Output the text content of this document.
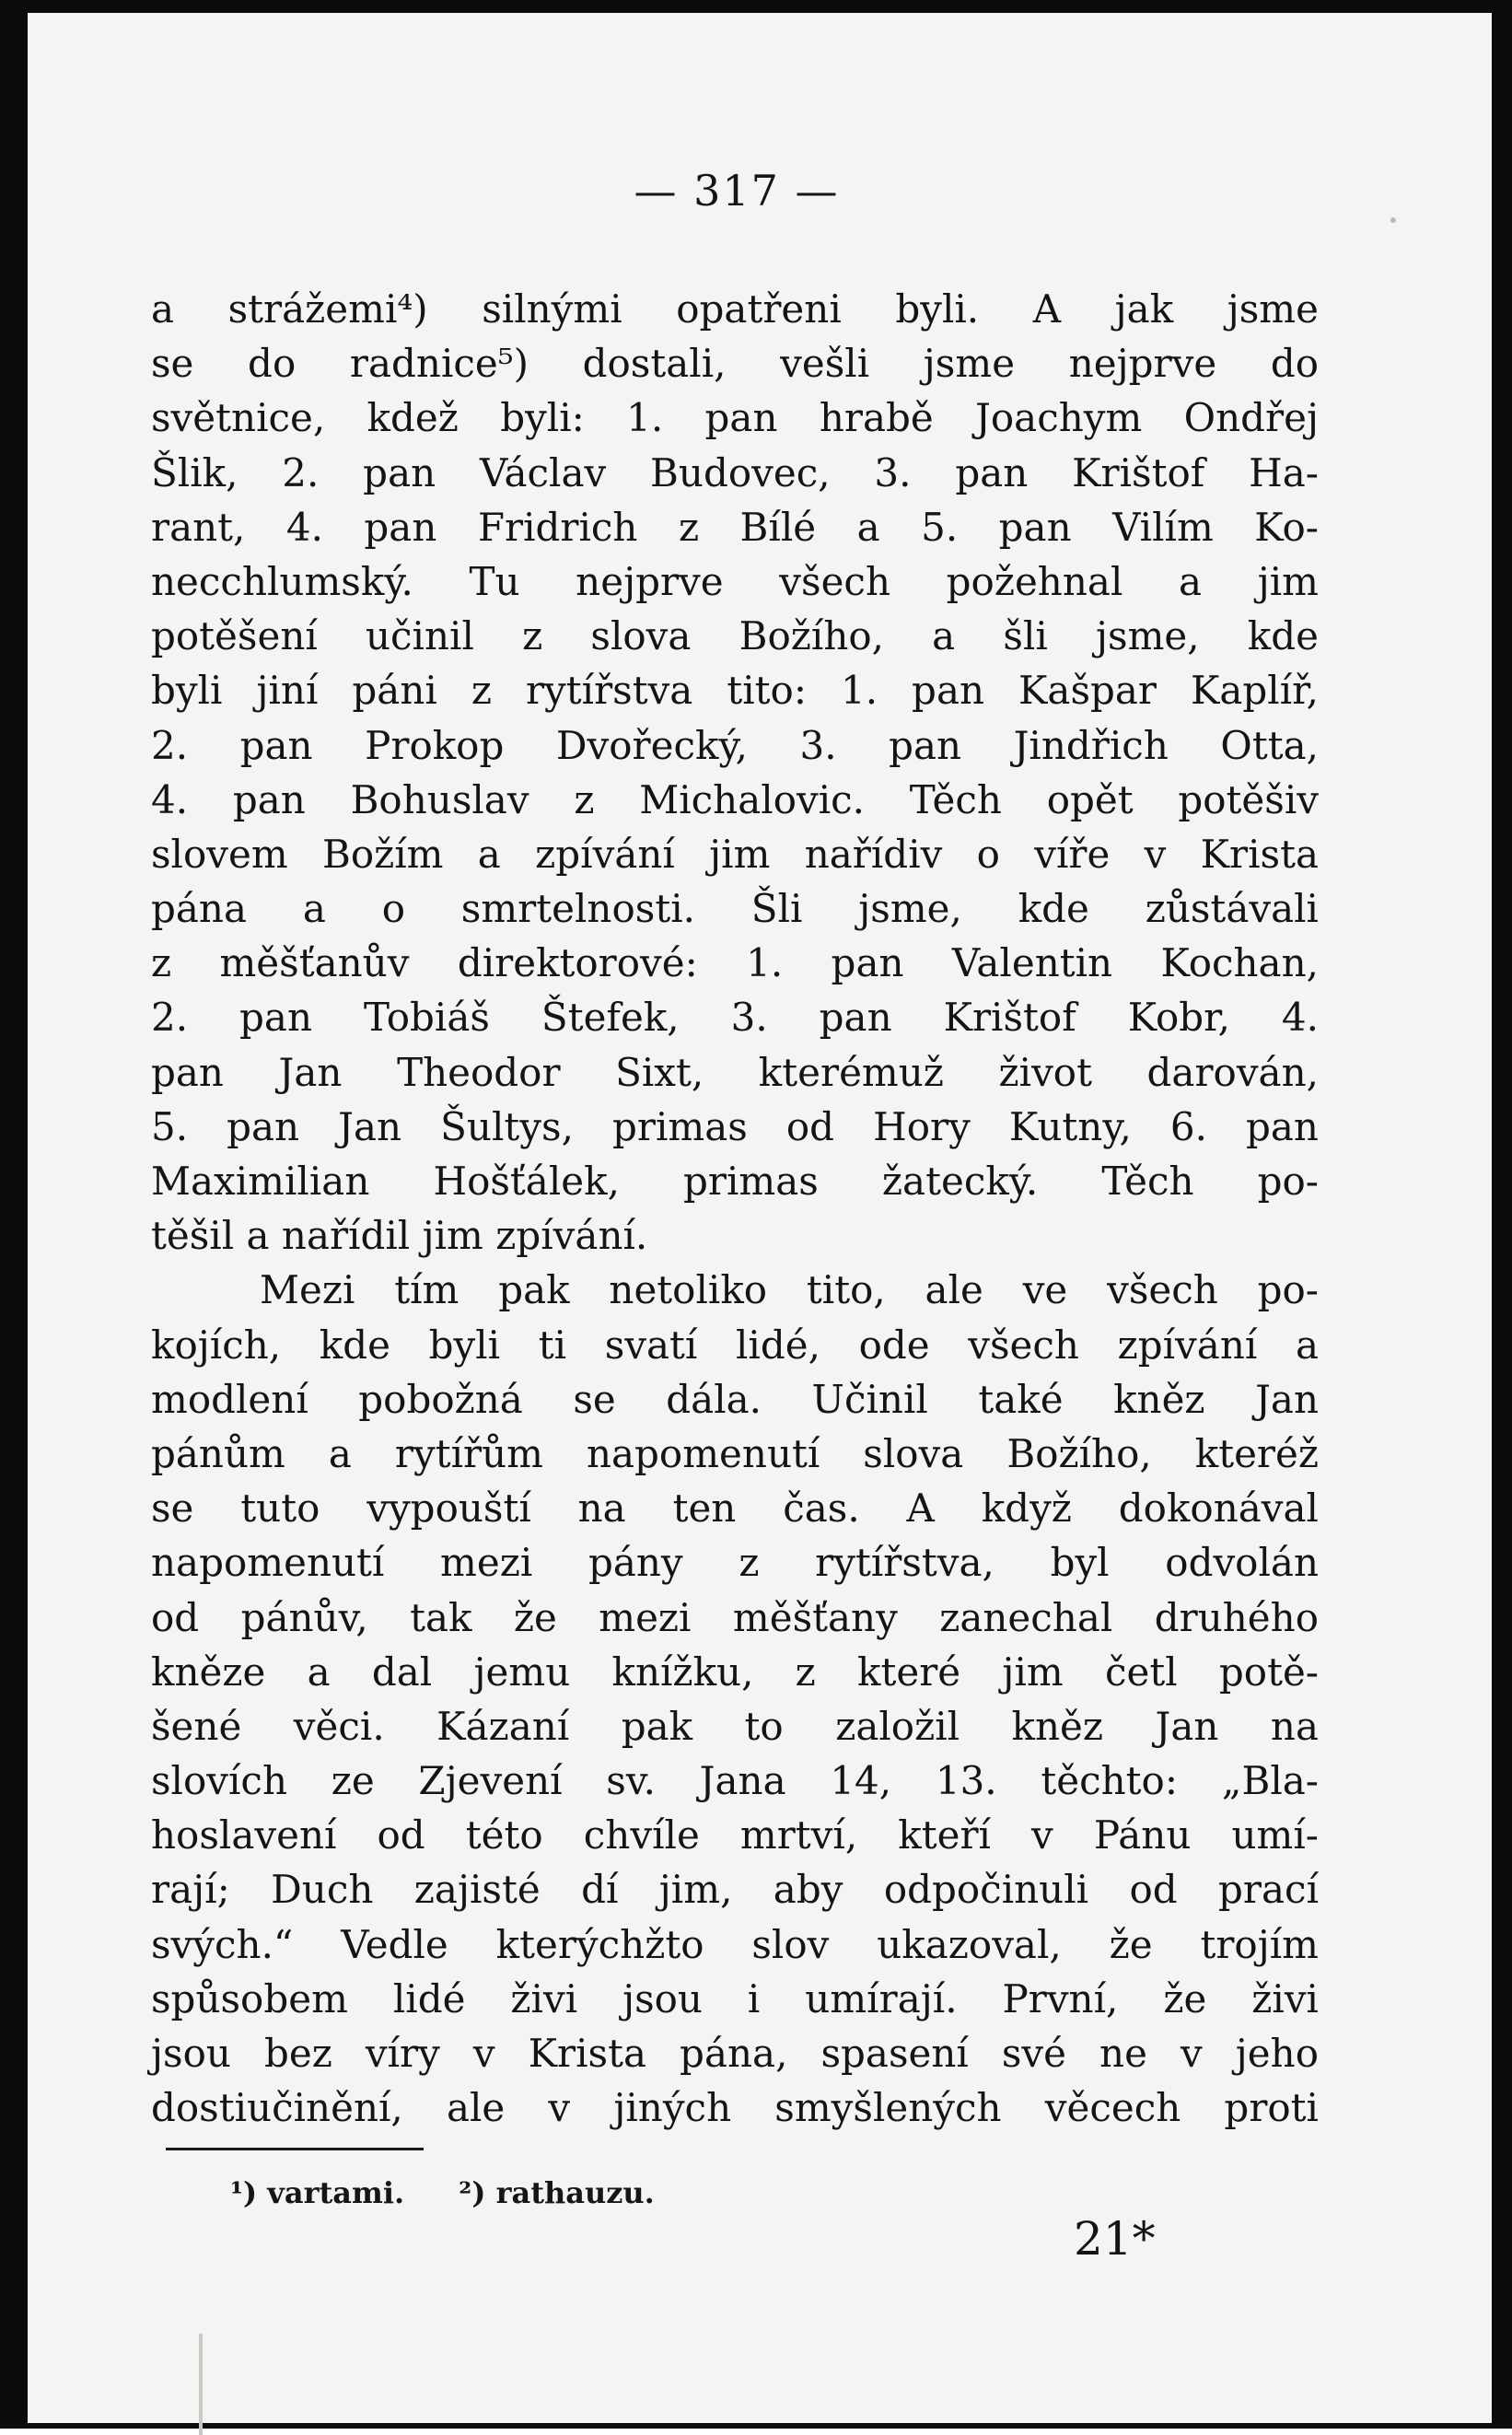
— 317 —
a strážemi⁴) silnými opatřeni byli. A jak jsme
se do radnice⁵) dostali, vešli jsme nejprve do
světnice, kdež byli: 1. pan hrabě Joachym Ondřej
Šlik, 2. pan Václav Budovec, 3. pan Krištof Ha-
rant, 4. pan Fridrich z Bílé a 5. pan Vilím Ko-
necchlumský. Tu nejprve všech požehnal a jim
potěšení učinil z slova Božího, a šli jsme, kde
byli jiní páni z rytířstva tito: 1. pan Kašpar Kaplíř,
2. pan Prokop Dvořecký, 3. pan Jindřich Otta,
4. pan Bohuslav z Michalovic. Těch opět potěšiv
slovem Božím a zpívání jim nařídiv o víře v Krista
pána a o smrtelnosti. Šli jsme, kde zůstávali
z měšťanův direktorové: 1. pan Valentin Kochan,
2. pan Tobiáš Štefek, 3. pan Krištof Kobr, 4.
pan Jan Theodor Sixt, kterémuž život darován,
5. pan Jan Šultys, primas od Hory Kutny, 6. pan
Maximilian Hošťálek, primas žatecký. Těch po-
těšil a nařídil jim zpívání.
Mezi tím pak netoliko tito, ale ve všech po-
kojích, kde byli ti svatí lidé, ode všech zpívání a
modlení pobožná se dála. Učinil také kněz Jan
pánům a rytířům napomenutí slova Božího, kteréž
se tuto vypouští na ten čas. A když dokonával
napomenutí mezi pány z rytířstva, byl odvolán
od pánův, tak že mezi měšťany zanechal druhého
kněze a dal jemu knížku, z které jim četl potě-
šené věci. Kázaní pak to založil kněz Jan na
slovích ze Zjevení sv. Jana 14, 13. těchto: „Bla-
hoslavení od této chvíle mrtví, kteří v Pánu umí-
rají; Duch zajisté dí jim, aby odpočinuli od prací
svých.“ Vedle kterýchžto slov ukazoval, že trojím
spůsobem lidé živi jsou i umírají. První, že živi
jsou bez víry v Krista pána, spasení své ne v jeho
dostiučinění, ale v jiných smyšlených věcech proti
¹) vartami. ²) rathauzu.
21*
